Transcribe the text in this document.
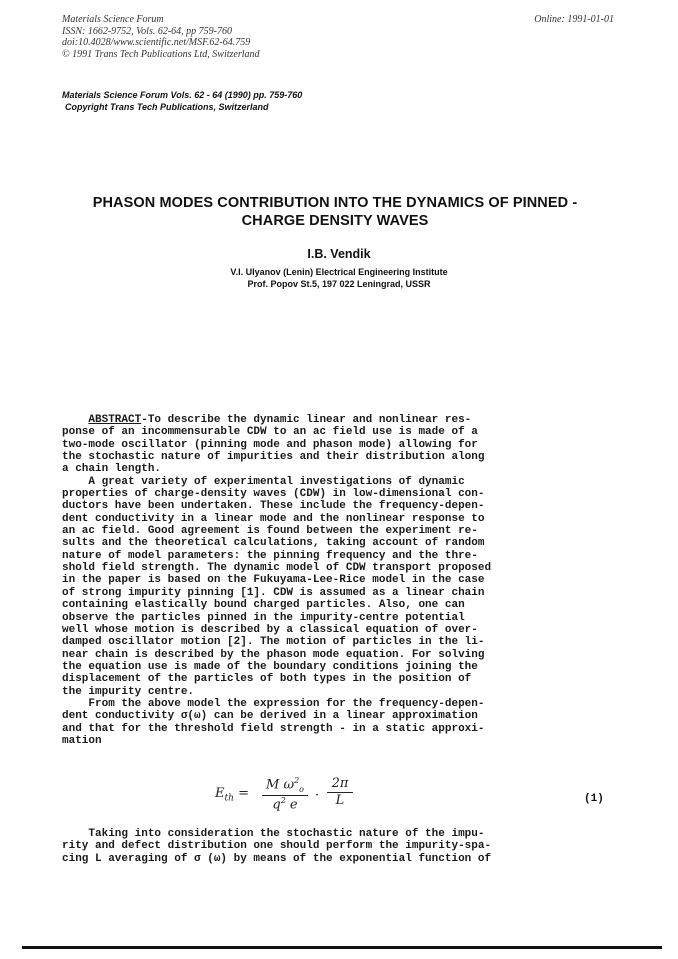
Materials Science Forum
ISSN: 1662-9752, Vols. 62-64, pp 759-760
doi:10.4028/www.scientific.net/MSF.62-64.759
© 1991 Trans Tech Publications Ltd, Switzerland
Online: 1991-01-01
Materials Science Forum Vols. 62 - 64 (1990) pp. 759-760
Copyright Trans Tech Publications, Switzerland
PHASON MODES CONTRIBUTION INTO THE DYNAMICS OF PINNED -
CHARGE DENSITY WAVES
I.B. Vendik
V.I. Ulyanov (Lenin) Electrical Engineering Institute
Prof. Popov St.5, 197 022 Leningrad, USSR
ABSTRACT-To describe the dynamic linear and nonlinear res-
ponse of an incommensurable CDW to an ac field use is made of a
two-mode oscillator (pinning mode and phason mode) allowing for
the stochastic nature of impurities and their distribution along
a chain length.
A great variety of experimental investigations of dynamic
properties of charge-density waves (CDW) in low-dimensional con-
ductors have been undertaken. These include the frequency-depen-
dent conductivity in a linear mode and the nonlinear response to
an ac field. Good agreement is found between the experiment re-
sults and the theoretical calculations, taking account of random
nature of model parameters: the pinning frequency and the thre-
shold field strength. The dynamic model of CDW transport proposed
in the paper is based on the Fukuyama-Lee-Rice model in the case
of strong impurity pinning [1]. CDW is assumed as a linear chain
containing elastically bound charged particles. Also, one can
observe the particles pinned in the impurity-centre potential
well whose motion is described by a classical equation of over-
damped oscillator motion [2]. The motion of particles in the li-
near chain is described by the phason mode equation. For solving
the equation use is made of the boundary conditions joining the
displacement of the particles of both types in the position of
the impurity centre.
From the above model the expression for the frequency-depen-
dent conductivity σ(ω) can be derived in a linear approximation
and that for the threshold field strength - in a static approxi-
mation
$E_{th} = \frac{M \omega^2_o}{q^2 e} \cdot \frac{2\pi}{L}$	(1)
Taking into consideration the stochastic nature of the impu-
rity and defect distribution one should perform the impurity-spa-
cing L averaging of σ (ω) by means of the exponential function of
